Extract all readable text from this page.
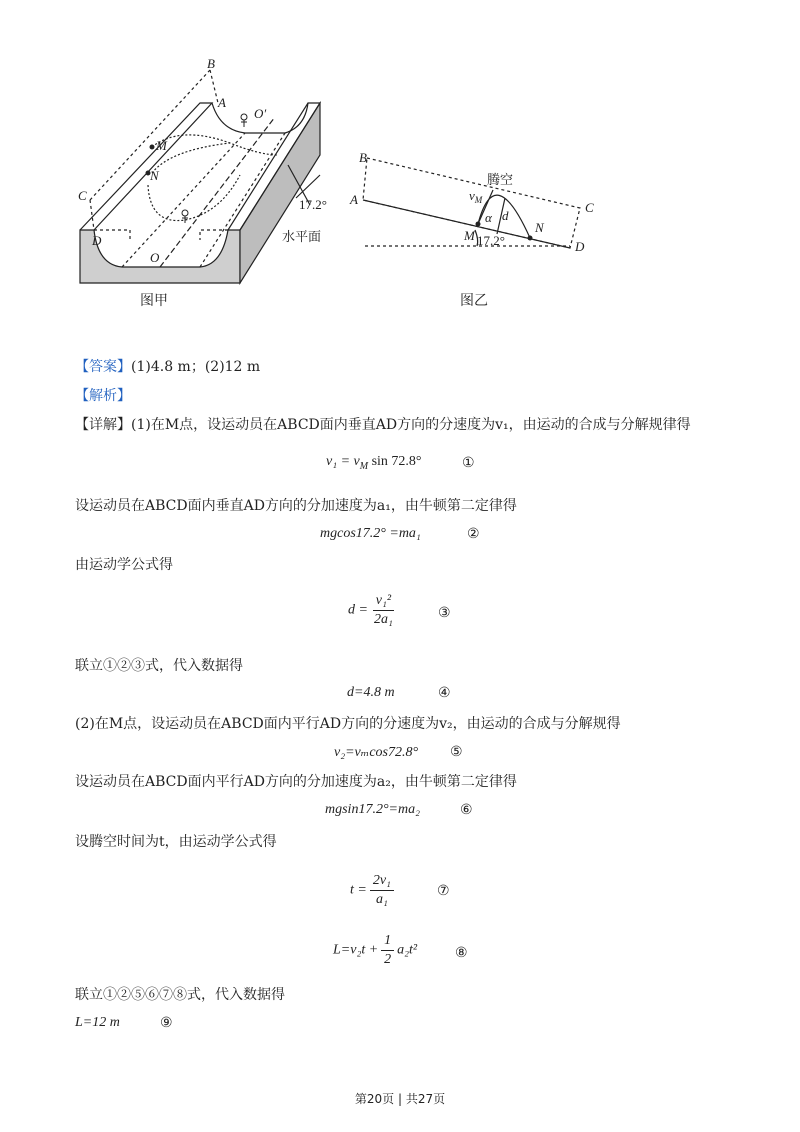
B
A
O′
M
N
C
D
O
17.2°
水平面
图甲
B
A
C
D
M
N
$v_M$
α d
17.2°
腾空
图乙
【答案】(1)4.8 m；(2)12 m
【解析】
【详解】(1)在M点，设运动员在ABCD面内垂直AD方向的分速度为v₁，由运动的合成与分解规律得
$v_1 = v_M$ sin 72.8°	①
设运动员在ABCD面内垂直AD方向的分加速度为a₁，由牛顿第二定律得
mgcos17.2° =ma₁	②
由运动学公式得
$d = \frac{\text{v₁²}}{\text{2a₁}}$	③
联立①②③式，代入数据得
d=4.8 m	④
(2)在M点，设运动员在ABCD面内平行AD方向的分速度为v₂，由运动的合成与分解规得
v₂=vₘcos72.8° ⑤
设运动员在ABCD面内平行AD方向的分加速度为a₂，由牛顿第二定律得
mgsin17.2°=ma₂	⑥
设腾空时间为t，由运动学公式得
$t = \frac{\text{2v₁}}{\text{a₁}}$	⑦
$L=v_2t + \frac{1}{2} a_2t^2$	⑧
联立①②⑤⑥⑦⑧式，代入数据得
L=12 m	⑨
第20页 | 共27页
